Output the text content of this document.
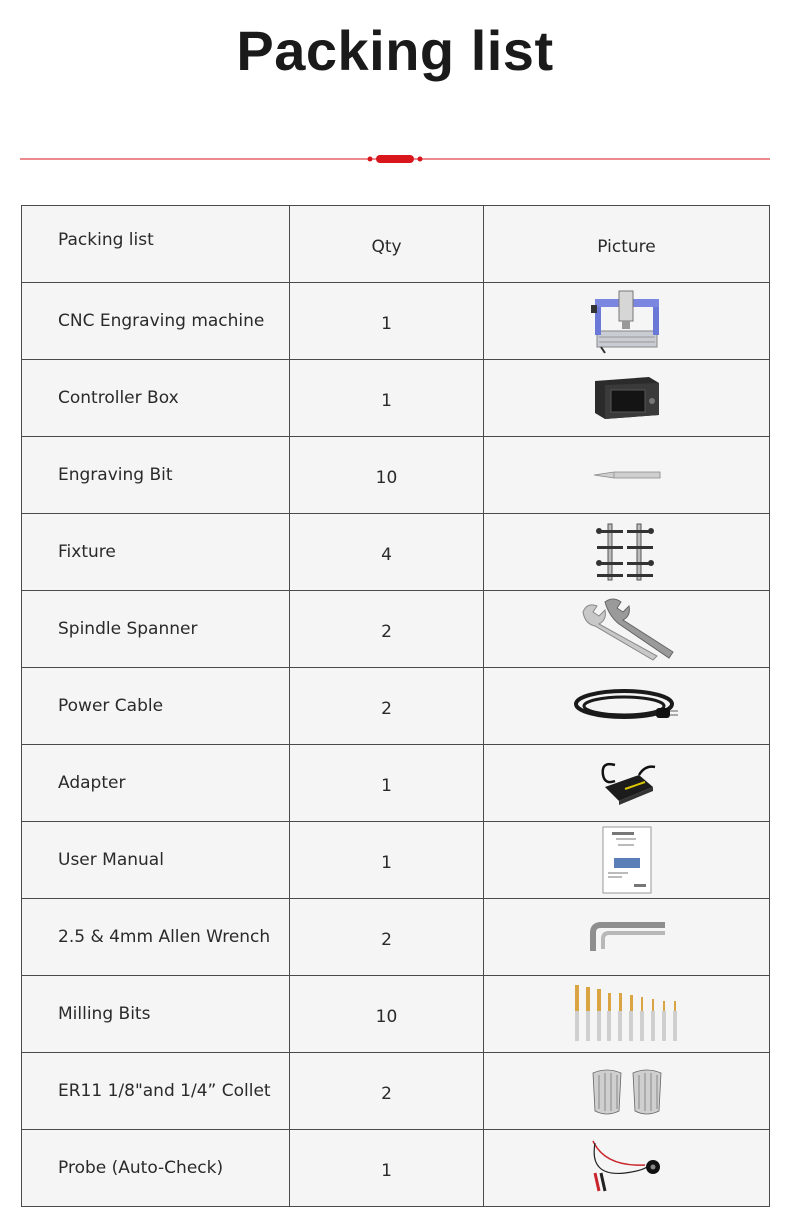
Packing list
Packing list	Qty	Picture
CNC Engraving machine	1	

Controller Box	1	

Engraving Bit	10	

Fixture	4	

Spindle Spanner	2	

Power Cable	2	

Adapter	1	

User Manual	1	

2.5 & 4mm Allen Wrench	2	

Milling Bits	10	

ER11 1/8"and 1/4” Collet	2	

Probe (Auto-Check)	1	
